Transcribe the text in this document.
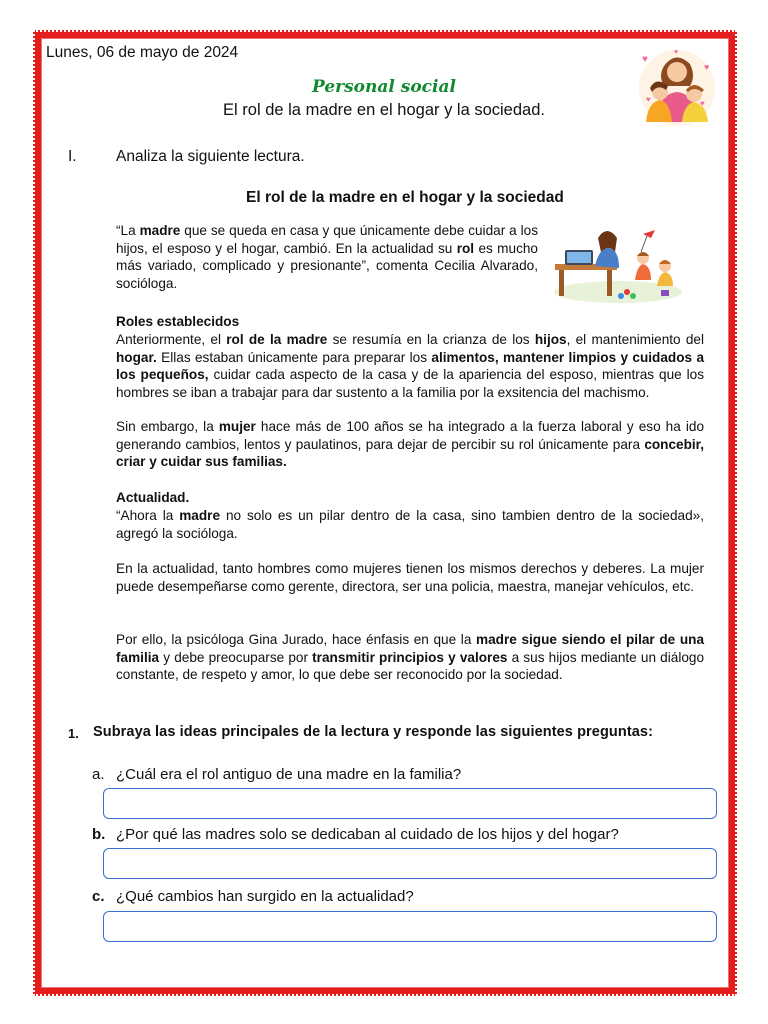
Lunes, 06 de mayo de 2024	♥
♥
♥
♥
♥
Personal social
El rol de la madre en el hogar y la sociedad.
I.	Analiza la siguiente lectura.
El rol de la madre en el hogar y la sociedad
“La madre que se queda en casa y que únicamente debe cuidar a los hijos, el esposo y el hogar, cambió. En la actualidad su rol es mucho más variado, complicado y presionante”, comenta Cecilia Alvarado, socióloga.
Roles establecidos
Anteriormente, el rol de la madre se resumía en la crianza de los hijos, el mantenimiento del hogar. Ellas estaban únicamente para preparar los alimentos, mantener limpios y cuidados a los pequeños, cuidar cada aspecto de la casa y de la apariencia del esposo, mientras que los hombres se iban a trabajar para dar sustento a la familia por la exsitencia del machismo.
Sin embargo, la mujer hace más de 100 años se ha integrado a la fuerza laboral y eso ha ido generando cambios, lentos y paulatinos, para dejar de percibir su rol únicamente para concebir, criar y cuidar sus familias.
Actualidad.
“Ahora la madre no solo es un pilar dentro de la casa, sino tambien dentro de la sociedad», agregó la socióloga.
En la actualidad, tanto hombres como mujeres tienen los mismos derechos y deberes. La mujer puede desempeñarse como gerente, directora, ser una policia, maestra, manejar vehículos, etc.
Por ello, la psicóloga Gina Jurado, hace énfasis en que la madre sigue siendo el pilar de una familia y debe preocuparse por transmitir principios y valores a sus hijos mediante un diálogo constante, de respeto y amor, lo que debe ser reconocido por la sociedad.
1. Subraya las ideas principales de la lectura y responde las siguientes preguntas:
a. ¿Cuál era el rol antiguo de una madre en la familia?
b. ¿Por qué las madres solo se dedicaban al cuidado de los hijos y del hogar?
c. ¿Qué cambios han surgido en la actualidad?
